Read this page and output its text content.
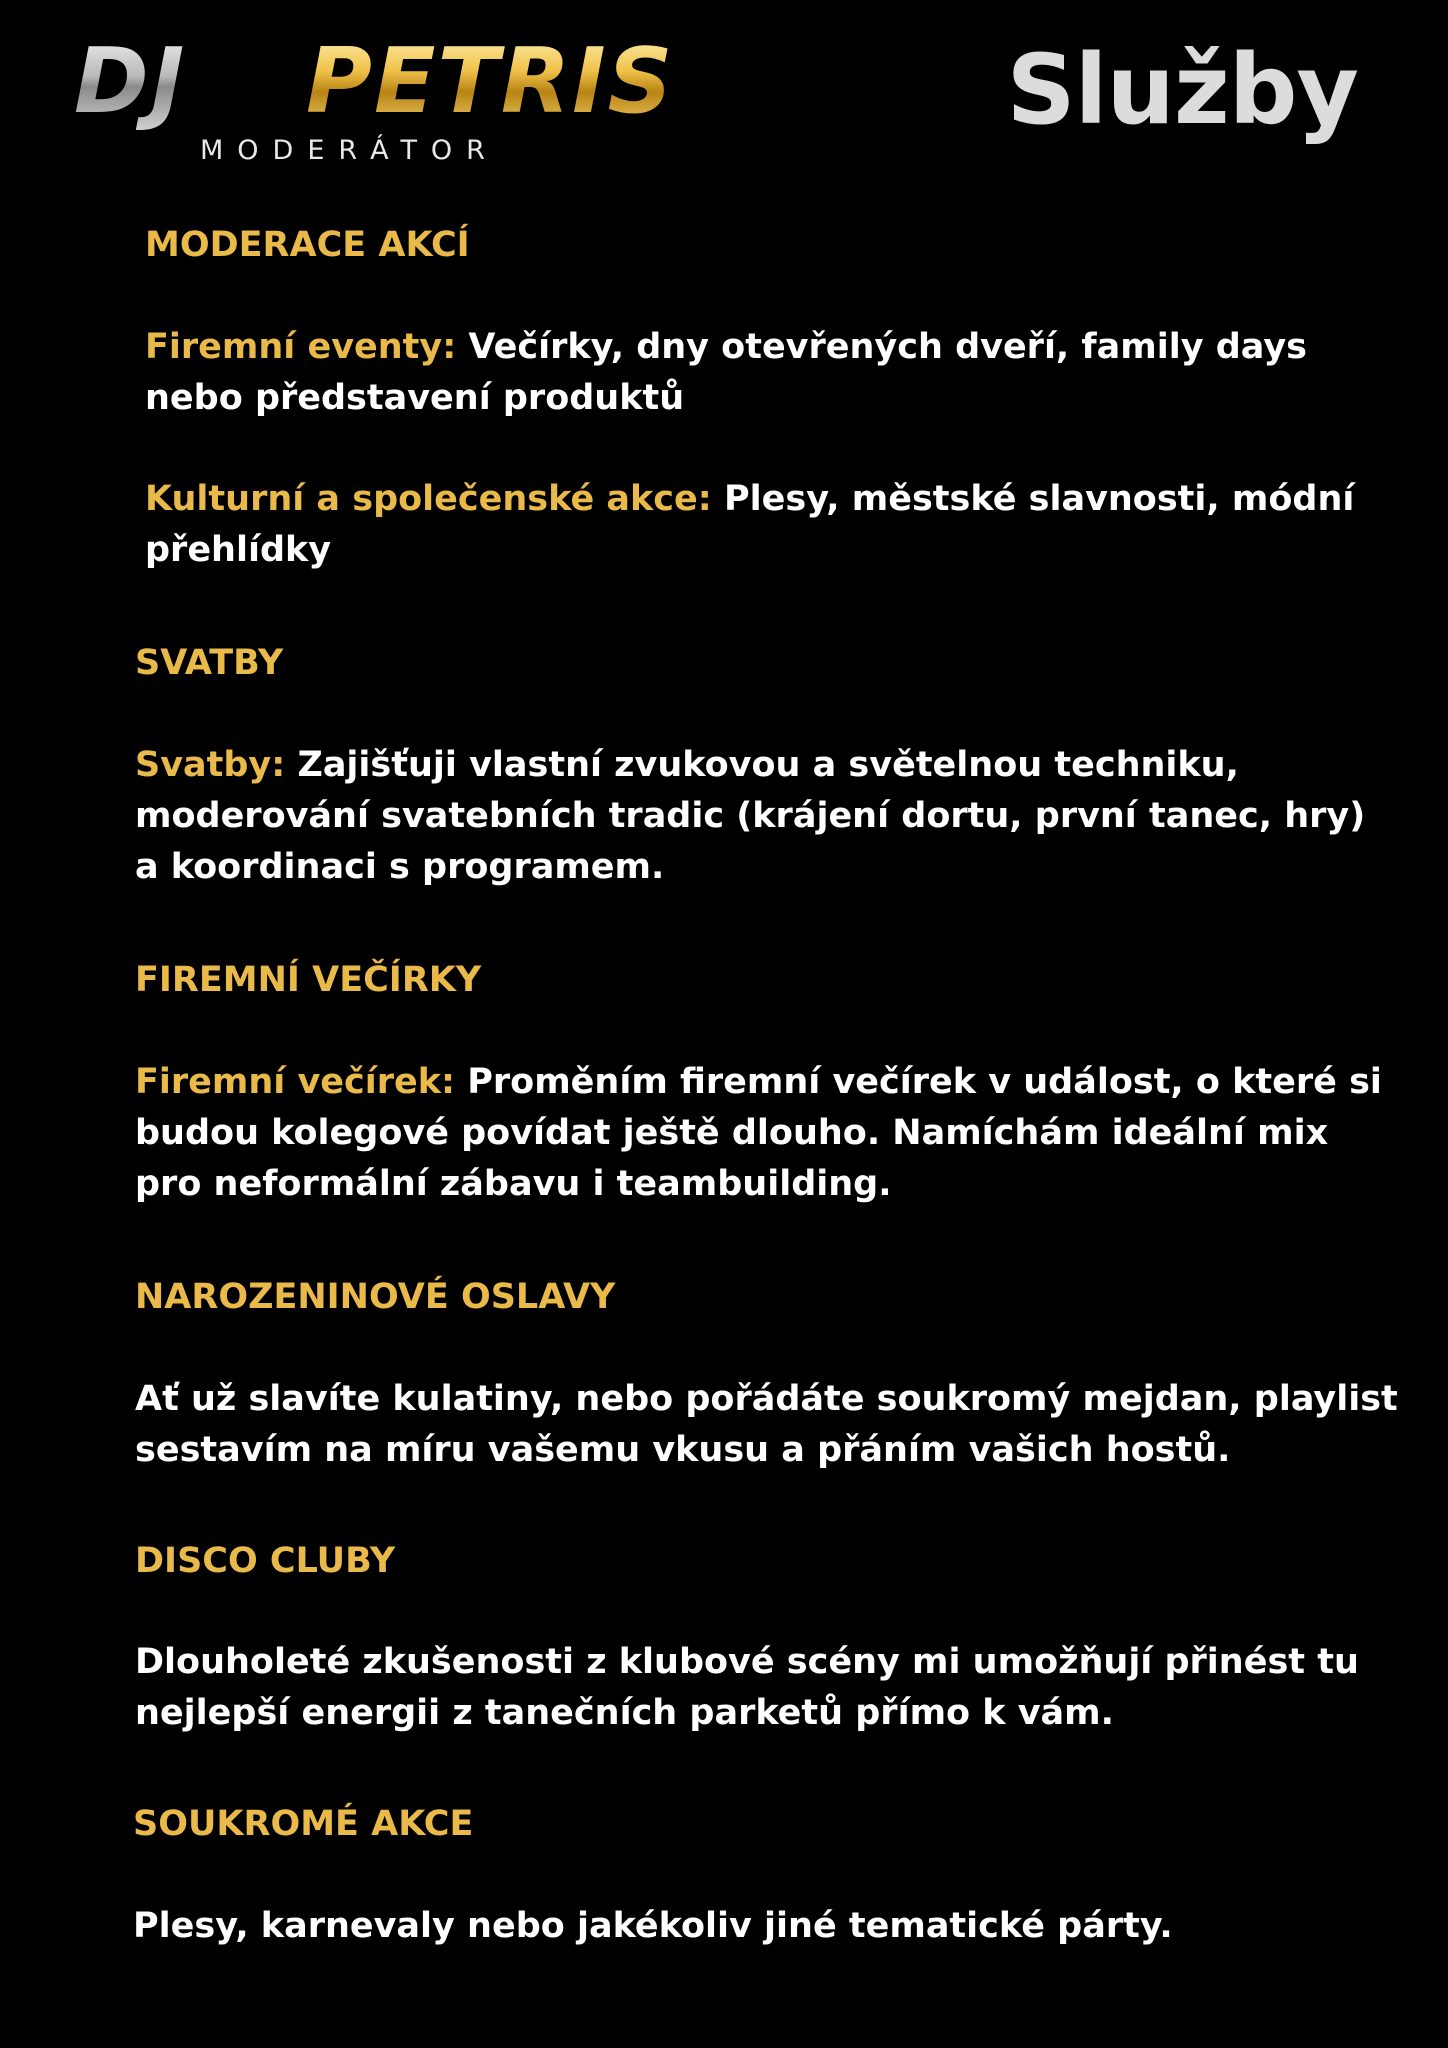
DJ PETRIS
MODERÁTOR
Služby
MODERACE AKCÍ
Firemní eventy: Večírky, dny otevřených dveří, family days
nebo představení produktů
Kulturní a společenské akce: Plesy, městské slavnosti, módní
přehlídky
SVATBY
Svatby: Zajišťuji vlastní zvukovou a světelnou techniku,
moderování svatebních tradic (krájení dortu, první tanec, hry)
a koordinaci s programem.
FIREMNÍ VEČÍRKY
Firemní večírek: Proměním firemní večírek v událost, o které si
budou kolegové povídat ještě dlouho. Namíchám ideální mix
pro neformální zábavu i teambuilding.
NAROZENINOVÉ OSLAVY
Ať už slavíte kulatiny, nebo pořádáte soukromý mejdan, playlist
sestavím na míru vašemu vkusu a přáním vašich hostů.
DISCO CLUBY
Dlouholeté zkušenosti z klubové scény mi umožňují přinést tu
nejlepší energii z tanečních parketů přímo k vám.
SOUKROMÉ AKCE
Plesy, karnevaly nebo jakékoliv jiné tematické párty.
